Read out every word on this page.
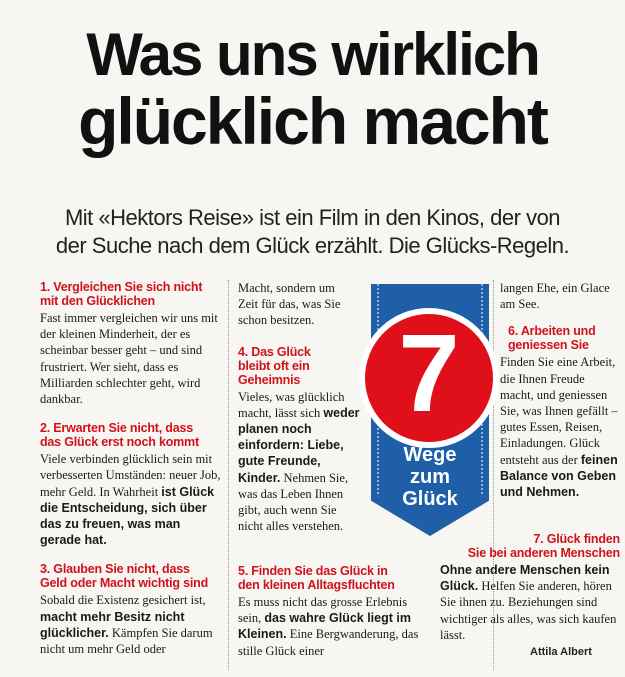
Was uns wirklich
glücklich macht
Mit «Hektors Reise» ist ein Film in den Kinos, der von
der Suche nach dem Glück erzählt. Die Glücks-Regeln.
1. Vergleichen Sie sich nicht
mit den Glücklichen

Fast immer vergleichen wir uns mit der kleinen Minderheit, der es scheinbar besser geht – und sind frustriert. Wer sieht, dass es Milliarden schlechter geht, wird dankbar.

2. Erwarten Sie nicht, dass
das Glück erst noch kommt

Viele verbinden glücklich sein mit verbesserten Umständen: neuer Job, mehr Geld. In Wahrheit ist Glück die Entscheidung, sich über das zu freuen, was man gerade hat.

3. Glauben Sie nicht, dass
Geld oder Macht wichtig sind

Sobald die Existenz gesichert ist, macht mehr Besitz nicht glücklicher. Kämpfen Sie darum nicht um mehr Geld oder

Macht, sondern um Zeit für das, was Sie schon besitzen.

4. Das Glück
bleibt oft ein
Geheimnis

Vieles, was glücklich macht, lässt sich weder planen noch einfordern: Liebe, gute Freunde, Kinder. Nehmen Sie, was das Leben Ihnen gibt, auch wenn Sie nicht alles verstehen.

5. Finden Sie das Glück in
den kleinen Alltagsfluchten

Es muss nicht das grosse Erlebnis sein, das wahre Glück liegt im Kleinen. Eine Bergwanderung, das stille Glück einer

7
Wege
zum
Glück

langen Ehe, ein Glace am See.

6. Arbeiten und
geniessen Sie

Finden Sie eine Arbeit, die Ihnen Freude macht, und geniessen Sie, was Ihnen gefällt – gutes Essen, Reisen, Einladungen. Glück entsteht aus der feinen Balance von Geben und Nehmen.

7. Glück finden
Sie bei anderen Menschen

Ohne andere Menschen kein Glück. Helfen Sie anderen, hören Sie ihnen zu. Beziehungen sind wichtiger als alles, was sich kaufen lässt.

Attila Albert
